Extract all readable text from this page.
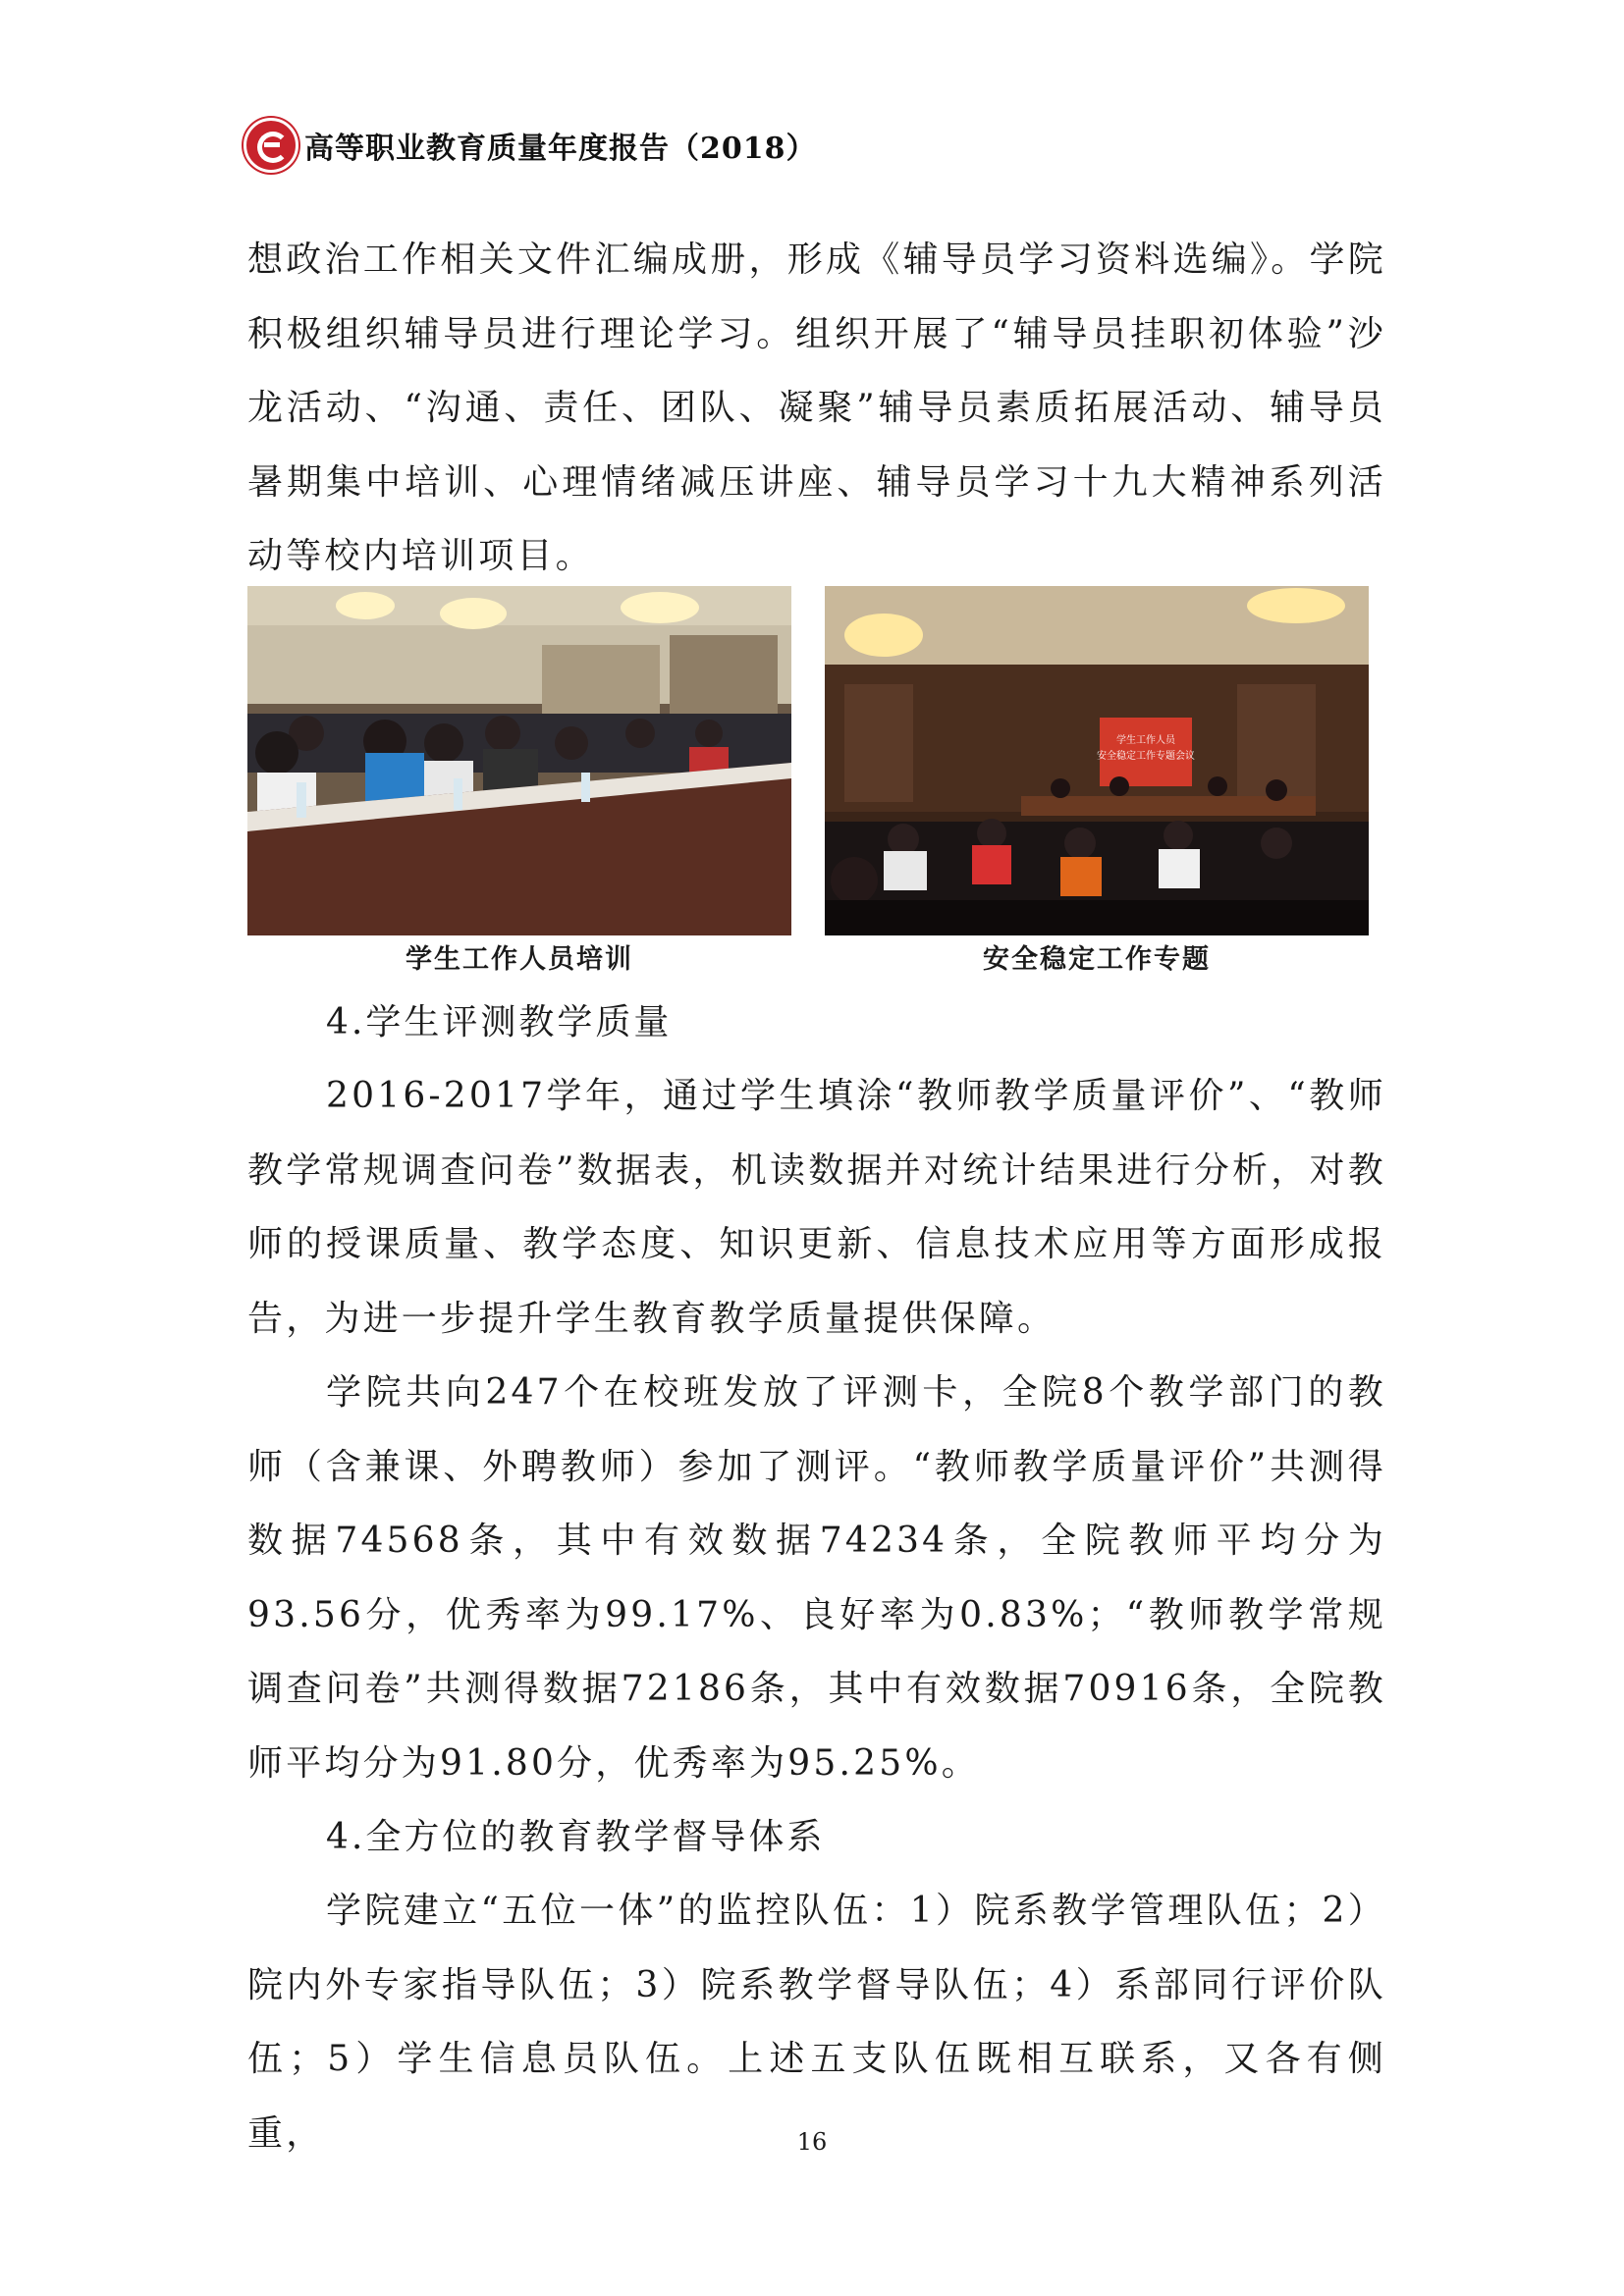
高等职业教育质量年度报告（2018）

想政治工作相关文件汇编成册，形成《辅导员学习资料选编》。学院积极组织辅导员进行理论学习。组织开展了“辅导员挂职初体验”沙龙活动、“沟通、责任、团队、凝聚”辅导员素质拓展活动、辅导员暑期集中培训、心理情绪减压讲座、辅导员学习十九大精神系列活动等校内培训项目。

学生工作人员
安全稳定工作专题会议
学生工作人员培训	安全稳定工作专题

4.学生评测教学质量

2016-2017学年，通过学生填涂“教师教学质量评价”、“教师教学常规调查问卷”数据表，机读数据并对统计结果进行分析，对教师的授课质量、教学态度、知识更新、信息技术应用等方面形成报告，为进一步提升学生教育教学质量提供保障。

学院共向247个在校班发放了评测卡，全院8个教学部门的教师（含兼课、外聘教师）参加了测评。“教师教学质量评价”共测得数据74568条，其中有效数据74234条，全院教师平均分为93.56分，优秀率为99.17%、良好率为0.83%；“教师教学常规调查问卷”共测得数据72186条，其中有效数据70916条，全院教师平均分为91.80分，优秀率为95.25%。

4.全方位的教育教学督导体系

学院建立“五位一体”的监控队伍：1）院系教学管理队伍；2）院内外专家指导队伍；3）院系教学督导队伍；4）系部同行评价队伍；5）学生信息员队伍。上述五支队伍既相互联系，又各有侧重，	16
